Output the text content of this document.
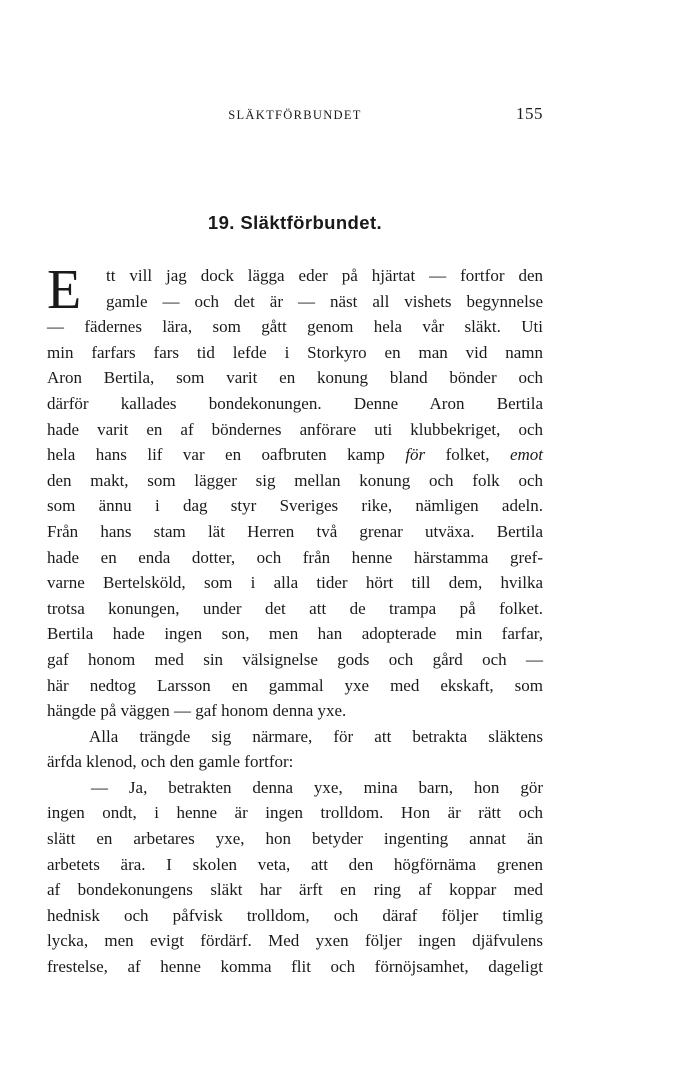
SLÄKTFÖRBUNDET	155
19. Släktförbundet.
E	tt vill jag dock lägga eder på hjärtat — fortfor den
gamle — och det är — näst all vishets begynnelse
— fädernes lära, som gått genom hela vår släkt. Uti
min farfars fars tid lefde i Storkyro en man vid namn
Aron Bertila, som varit en konung bland bönder och
därför kallades bondekonungen. Denne Aron Bertila
hade varit en af böndernes anförare uti klubbekriget, och
hela hans lif var en oafbruten kamp för folket, emot
den makt, som lägger sig mellan konung och folk och
som ännu i dag styr Sveriges rike, nämligen adeln.
Från hans stam lät Herren två grenar utväxa. Bertila
hade en enda dotter, och från henne härstamma gref-
varne Bertelsköld, som i alla tider hört till dem, hvilka
trotsa konungen, under det att de trampa på folket.
Bertila hade ingen son, men han adopterade min farfar,
gaf honom med sin välsignelse gods och gård och —
här nedtog Larsson en gammal yxe med ekskaft, som
hängde på väggen — gaf honom denna yxe.
Alla trängde sig närmare, för att betrakta släktens
ärfda klenod, och den gamle fortfor:
— Ja, betrakten denna yxe, mina barn, hon gör
ingen ondt, i henne är ingen trolldom. Hon är rätt och
slätt en arbetares yxe, hon betyder ingenting annat än
arbetets ära. I skolen veta, att den högförnäma grenen
af bondekonungens släkt har ärft en ring af koppar med
hednisk och påfvisk trolldom, och däraf följer timlig
lycka, men evigt fördärf. Med yxen följer ingen djäfvulens
frestelse, af henne komma flit och förnöjsamhet, dageligt
